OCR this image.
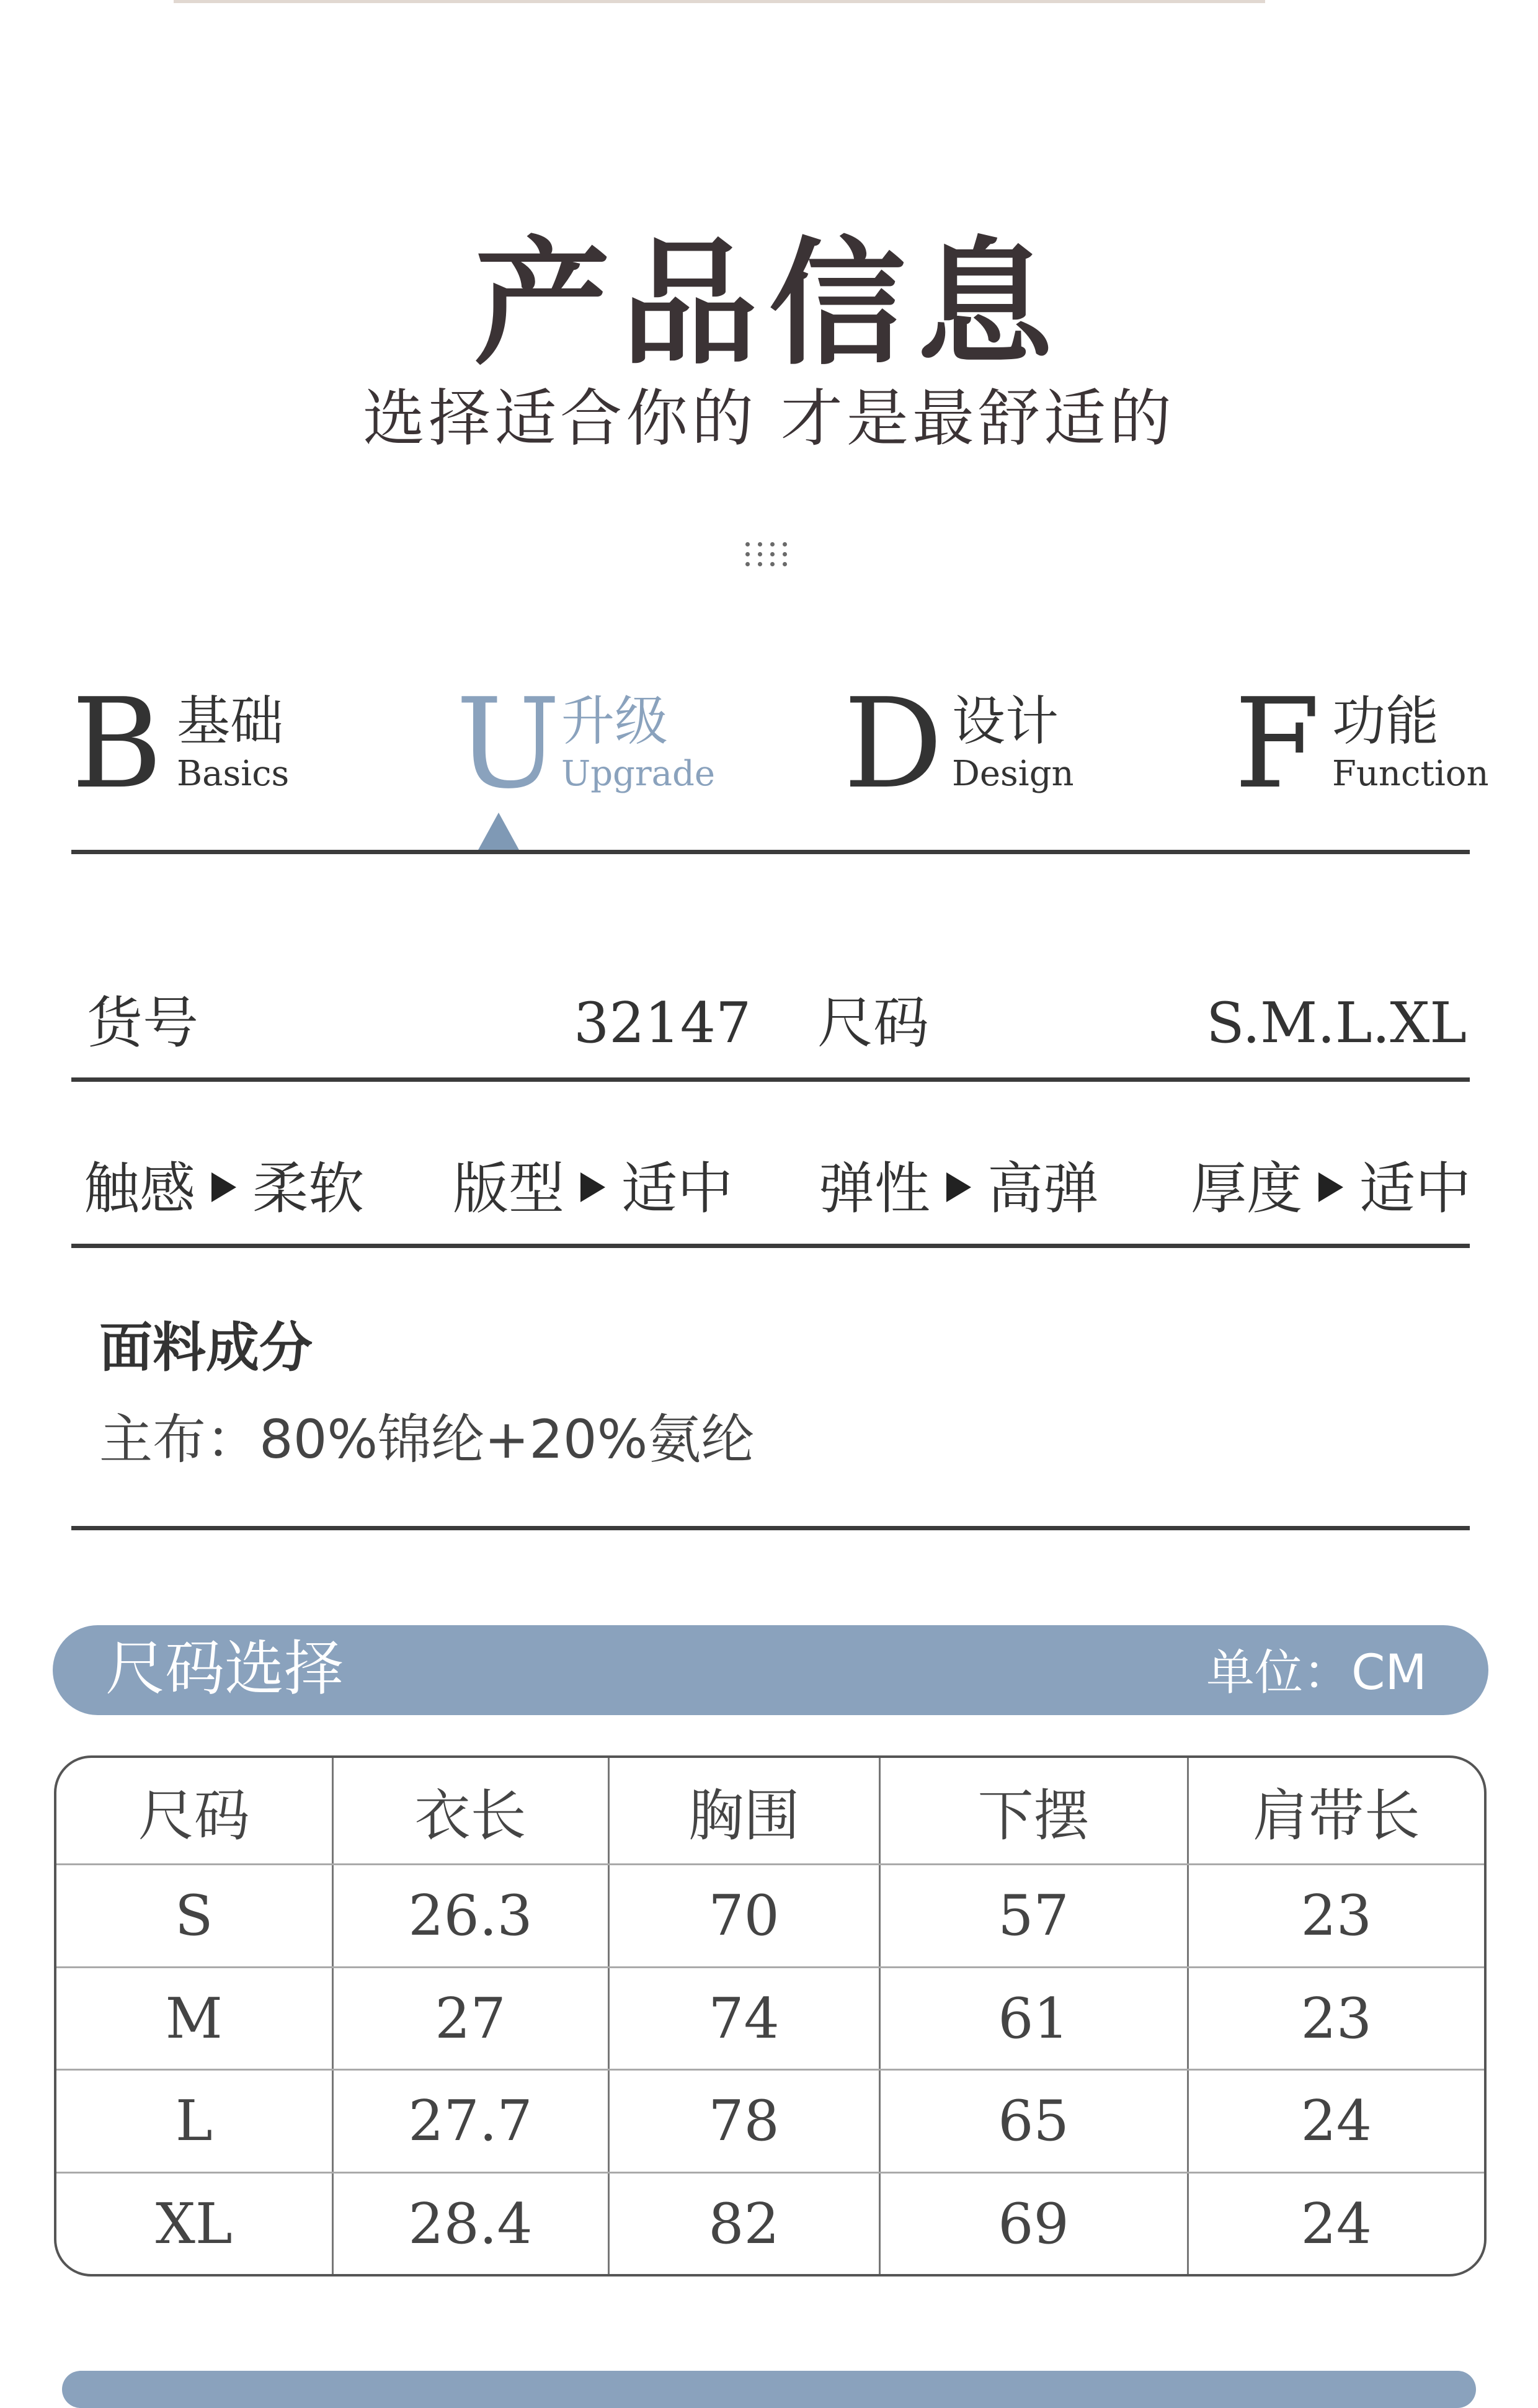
产品信息
选择适合你的 才是最舒适的
B 基础
Basics U 升级
Upgrade D 设计
Design F 功能
Function
货号	32147 尺码	S.M.L.XL
触感 柔软 版型 适中 弹性 高弹 厚度 适中
面料成分
主布：80%锦纶+20%氨纶
尺码选择	单位：CM
尺码	衣长	胸围	下摆	肩带长
S	26.3	70	57	23
M	27	74	61	23
L	27.7	78	65	24
XL	28.4	82	69	24
